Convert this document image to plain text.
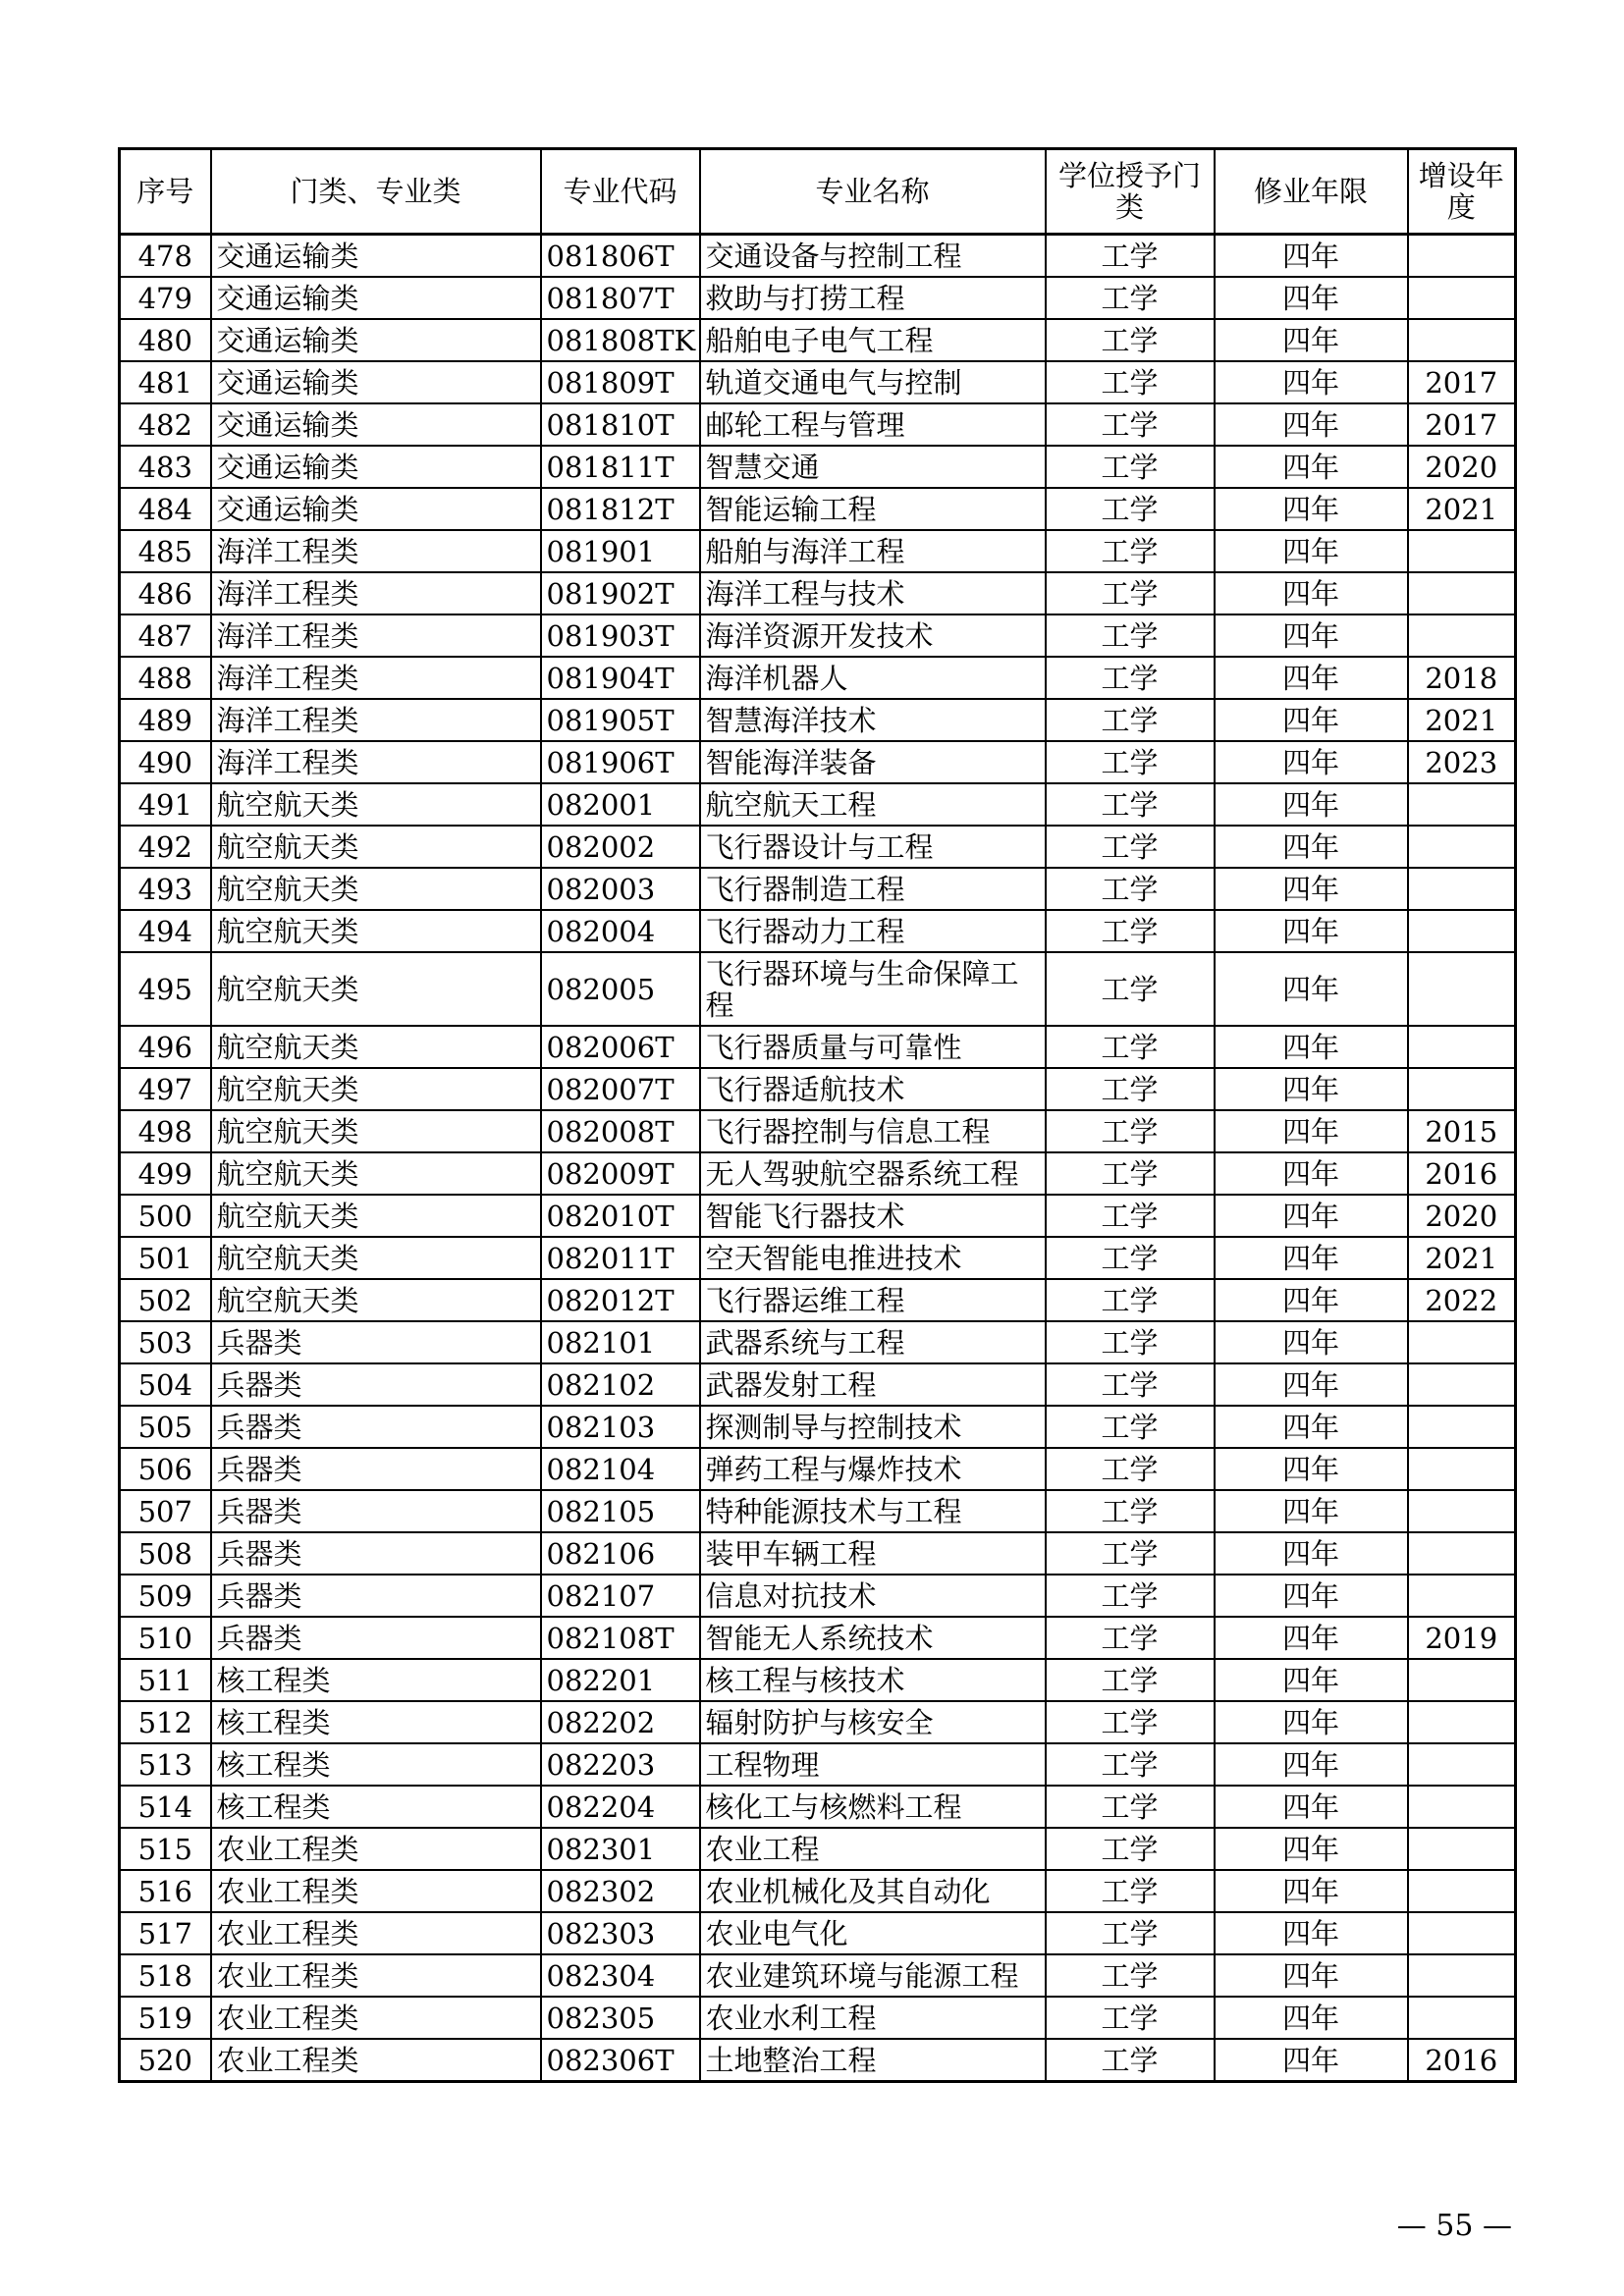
序号	门类、专业类	专业代码	专业名称	学位授予门类	修业年限	增设年度
478	交通运输类	081806T	交通设备与控制工程	工学	四年	
479	交通运输类	081807T	救助与打捞工程	工学	四年	
480	交通运输类	081808TK	船舶电子电气工程	工学	四年	
481	交通运输类	081809T	轨道交通电气与控制	工学	四年	2017
482	交通运输类	081810T	邮轮工程与管理	工学	四年	2017
483	交通运输类	081811T	智慧交通	工学	四年	2020
484	交通运输类	081812T	智能运输工程	工学	四年	2021
485	海洋工程类	081901	船舶与海洋工程	工学	四年	
486	海洋工程类	081902T	海洋工程与技术	工学	四年	
487	海洋工程类	081903T	海洋资源开发技术	工学	四年	
488	海洋工程类	081904T	海洋机器人	工学	四年	2018
489	海洋工程类	081905T	智慧海洋技术	工学	四年	2021
490	海洋工程类	081906T	智能海洋装备	工学	四年	2023
491	航空航天类	082001	航空航天工程	工学	四年	
492	航空航天类	082002	飞行器设计与工程	工学	四年	
493	航空航天类	082003	飞行器制造工程	工学	四年	
494	航空航天类	082004	飞行器动力工程	工学	四年	
495	航空航天类	082005	飞行器环境与生命保障工程	工学	四年	
496	航空航天类	082006T	飞行器质量与可靠性	工学	四年	
497	航空航天类	082007T	飞行器适航技术	工学	四年	
498	航空航天类	082008T	飞行器控制与信息工程	工学	四年	2015
499	航空航天类	082009T	无人驾驶航空器系统工程	工学	四年	2016
500	航空航天类	082010T	智能飞行器技术	工学	四年	2020
501	航空航天类	082011T	空天智能电推进技术	工学	四年	2021
502	航空航天类	082012T	飞行器运维工程	工学	四年	2022
503	兵器类	082101	武器系统与工程	工学	四年	
504	兵器类	082102	武器发射工程	工学	四年	
505	兵器类	082103	探测制导与控制技术	工学	四年	
506	兵器类	082104	弹药工程与爆炸技术	工学	四年	
507	兵器类	082105	特种能源技术与工程	工学	四年	
508	兵器类	082106	装甲车辆工程	工学	四年	
509	兵器类	082107	信息对抗技术	工学	四年	
510	兵器类	082108T	智能无人系统技术	工学	四年	2019
511	核工程类	082201	核工程与核技术	工学	四年	
512	核工程类	082202	辐射防护与核安全	工学	四年	
513	核工程类	082203	工程物理	工学	四年	
514	核工程类	082204	核化工与核燃料工程	工学	四年	
515	农业工程类	082301	农业工程	工学	四年	
516	农业工程类	082302	农业机械化及其自动化	工学	四年	
517	农业工程类	082303	农业电气化	工学	四年	
518	农业工程类	082304	农业建筑环境与能源工程	工学	四年	
519	农业工程类	082305	农业水利工程	工学	四年	
520	农业工程类	082306T	土地整治工程	工学	四年	2016
— 55 —
